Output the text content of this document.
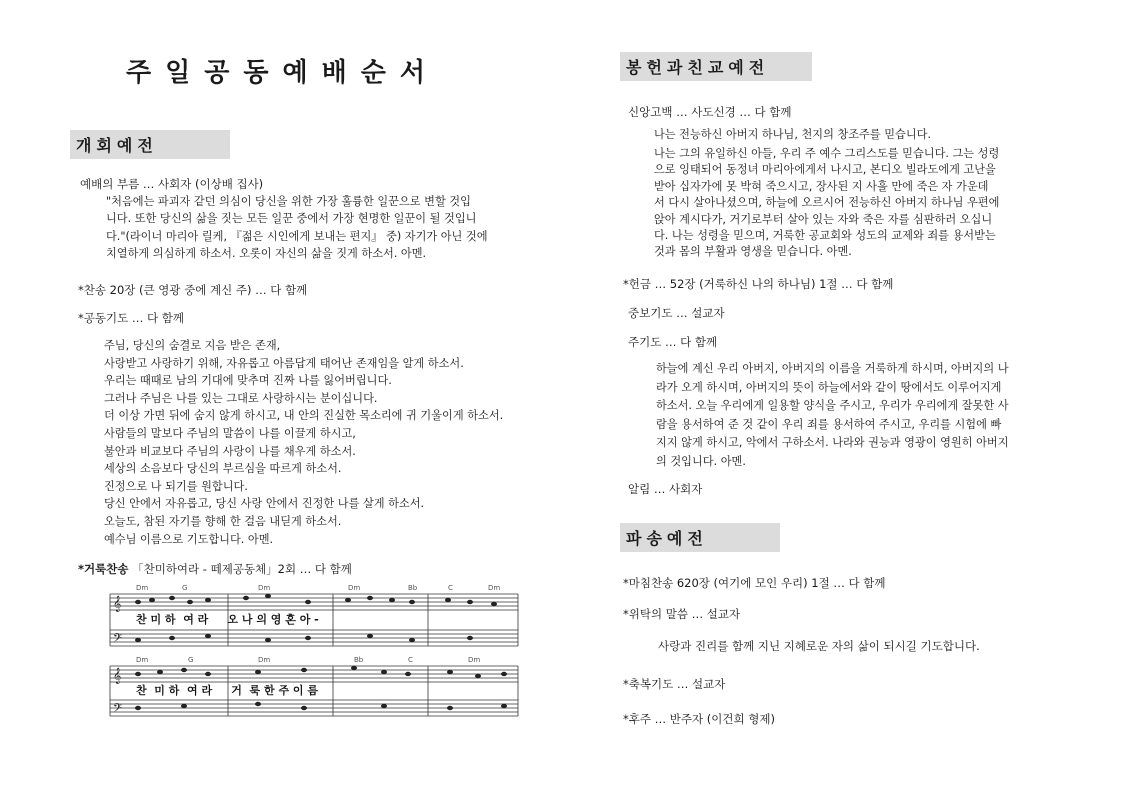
주일공동예배순서
개회예전
예배의 부름 … 사회자 (이상배 집사)

"처음에는 파괴자 같던 의심이 당신을 위한 가장 훌륭한 일꾼으로 변할 것입

니다. 또한 당신의 삶을 짓는 모든 일꾼 중에서 가장 현명한 일꾼이 될 것입니

다."(라이너 마리아 릴케, 『젊은 시인에게 보내는 편지』 중) 자기가 아닌 것에

치열하게 의심하게 하소서. 오롯이 자신의 삶을 짓게 하소서. 아멘.

*찬송 20장 (큰 영광 중에 계신 주) … 다 함께
*공동기도 … 다 함께
주님, 당신의 숨결로 지음 받은 존재,
사랑받고 사랑하기 위해, 자유롭고 아름답게 태어난 존재임을 알게 하소서.
우리는 때때로 남의 기대에 맞추며 진짜 나를 잃어버립니다.
그러나 주님은 나를 있는 그대로 사랑하시는 분이십니다.
더 이상 가면 뒤에 숨지 않게 하시고, 내 안의 진실한 목소리에 귀 기울이게 하소서.
사람들의 말보다 주님의 말씀이 나를 이끌게 하시고,
불안과 비교보다 주님의 사랑이 나를 채우게 하소서.
세상의 소음보다 당신의 부르심을 따르게 하소서.
진정으로 나 되기를 원합니다.
당신 안에서 자유롭고, 당신 사랑 안에서 진정한 나를 살게 하소서.
오늘도, 참된 자기를 향해 한 걸음 내딛게 하소서.
예수님 이름으로 기도합니다. 아멘.
*거룩찬송 「찬미하여라 - 떼제공동체」2회 … 다 함께
𝄞
𝄢
𝄞
𝄢
Dm	G	Dm	Dm	Bb	C	Dm
Dm	G	Dm	Bb	C	Dm
찬 미 하  여 라     오 나 의 영 혼 아 -
찬  미 하  여 라     거  룩 한 주 이 름
봉헌과친교예전
신앙고백 … 사도신경 … 다 함께

나는 전능하신 아버지 하나님, 천지의 창조주를 믿습니다.

나는 그의 유일하신 아들, 우리 주 예수 그리스도를 믿습니다. 그는 성령

으로 잉태되어 동정녀 마리아에게서 나시고, 본디오 빌라도에게 고난을

받아 십자가에 못 박혀 죽으시고, 장사된 지 사흘 만에 죽은 자 가운데

서 다시 살아나셨으며, 하늘에 오르시어 전능하신 아버지 하나님 우편에

앉아 계시다가, 거기로부터 살아 있는 자와 죽은 자를 심판하러 오십니

다. 나는 성령을 믿으며, 거룩한 공교회와 성도의 교제와 죄를 용서받는

것과 몸의 부활과 영생을 믿습니다. 아멘.

*헌금 … 52장 (거룩하신 나의 하나님) 1절 … 다 함께
중보기도 … 설교자
주기도 … 다 함께

하늘에 계신 우리 아버지, 아버지의 이름을 거룩하게 하시며, 아버지의 나

라가 오게 하시며, 아버지의 뜻이 하늘에서와 같이 땅에서도 이루어지게

하소서. 오늘 우리에게 일용할 양식을 주시고, 우리가 우리에게 잘못한 사

람을 용서하여 준 것 같이 우리 죄를 용서하여 주시고, 우리를 시험에 빠

지지 않게 하시고, 악에서 구하소서. 나라와 권능과 영광이 영원히 아버지

의 것입니다. 아멘.

알림 … 사회자
파송예전
*마침찬송 620장 (여기에 모인 우리) 1절 … 다 함께
*위탁의 말씀 … 설교자
사랑과 진리를 함께 지닌 지혜로운 자의 삶이 되시길 기도합니다.
*축복기도 … 설교자
*후주 … 반주자 (이건희 형제)
